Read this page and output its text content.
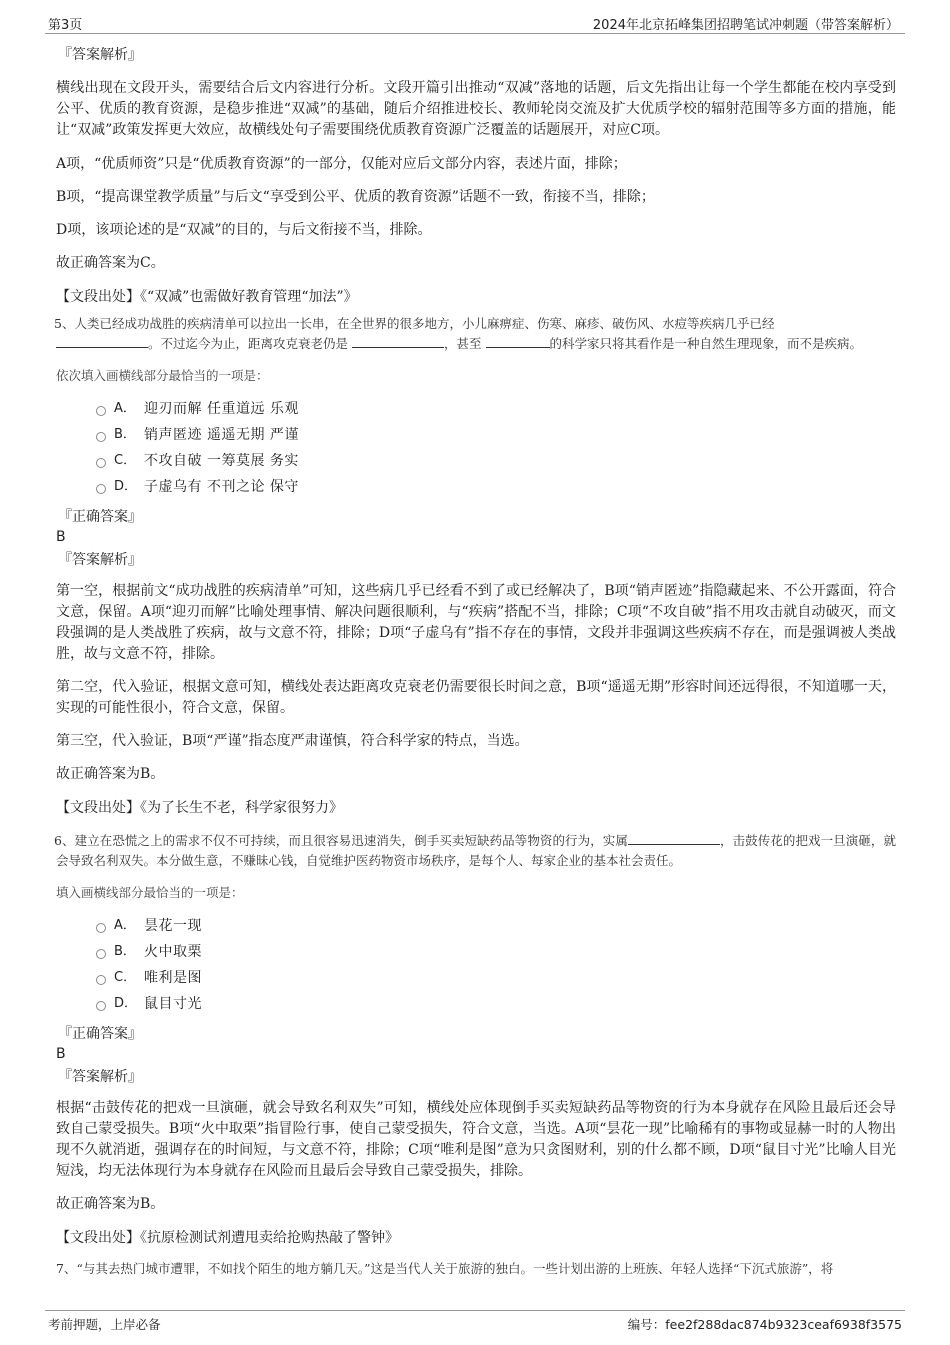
第3页	2024年北京拓峰集团招聘笔试冲刺题（带答案解析）
『答案解析』
横线出现在文段开头，需要结合后文内容进行分析。文段开篇引出推动“双减”落地的话题，后文先指出让每一个学生都能在校内享受到公平、优质的教育资源，是稳步推进“双减”的基础，随后介绍推进校长、教师轮岗交流及扩大优质学校的辐射范围等多方面的措施，能让“双减”政策发挥更大效应，故横线处句子需要围绕优质教育资源广泛覆盖的话题展开，对应C项。
A项，“优质师资”只是“优质教育资源”的一部分，仅能对应后文部分内容，表述片面，排除；
B项，“提高课堂教学质量”与后文“享受到公平、优质的教育资源”话题不一致，衔接不当，排除；
D项，该项论述的是“双减”的目的，与后文衔接不当，排除。
故正确答案为C。
【文段出处】《“双减”也需做好教育管理“加法”》
5、人类已经成功战胜的疾病清单可以拉出一长串，在全世界的很多地方，小儿麻痹症、伤寒、麻疹、破伤风、水痘等疾病几乎已经
。不过迄今为止，距离攻克衰老仍是	，甚至	的科学家只将其看作是一种自然生理现象，而不是疾病。
依次填入画横线部分最恰当的一项是：
A． 迎刃而解 任重道远 乐观
B． 销声匿迹 遥遥无期 严谨
C． 不攻自破 一筹莫展 务实
D． 子虚乌有 不刊之论 保守
『正确答案』
B
『答案解析』
第一空，根据前文“成功战胜的疾病清单”可知，这些病几乎已经看不到了或已经解决了，B项“销声匿迹”指隐藏起来、不公开露面，符合文意，保留。A项“迎刃而解”比喻处理事情、解决问题很顺利，与“疾病”搭配不当，排除；C项“不攻自破”指不用攻击就自动破灭，而文段强调的是人类战胜了疾病，故与文意不符，排除；D项“子虚乌有”指不存在的事情，文段并非强调这些疾病不存在，而是强调被人类战胜，故与文意不符，排除。
第二空，代入验证，根据文意可知，横线处表达距离攻克衰老仍需要很长时间之意，B项“遥遥无期”形容时间还远得很，不知道哪一天，实现的可能性很小，符合文意，保留。
第三空，代入验证，B项“严谨”指态度严肃谨慎，符合科学家的特点，当选。
故正确答案为B。
【文段出处】《为了长生不老，科学家很努力》
6、建立在恐慌之上的需求不仅不可持续，而且很容易迅速消失，倒手买卖短缺药品等物资的行为，实属	，击鼓传花的把戏一旦演砸，就会导致名利双失。本分做生意，不赚昧心钱，自觉维护医药物资市场秩序，是每个人、每家企业的基本社会责任。
填入画横线部分最恰当的一项是：
A． 昙花一现
B． 火中取栗
C． 唯利是图
D． 鼠目寸光
『正确答案』
B
『答案解析』
根据“击鼓传花的把戏一旦演砸，就会导致名利双失”可知，横线处应体现倒手买卖短缺药品等物资的行为本身就存在风险且最后还会导致自己蒙受损失。B项“火中取栗”指冒险行事，使自己蒙受损失，符合文意，当选。A项“昙花一现”比喻稀有的事物或显赫一时的人物出现不久就消逝，强调存在的时间短，与文意不符，排除；C项“唯利是图”意为只贪图财利，别的什么都不顾，D项“鼠目寸光”比喻人目光短浅，均无法体现行为本身就存在风险而且最后会导致自己蒙受损失，排除。
故正确答案为B。
【文段出处】《抗原检测试剂遭甩卖给抢购热敲了警钟》
7、“与其去热门城市遭罪，不如找个陌生的地方躺几天。”这是当代人关于旅游的独白。一些计划出游的上班族、年轻人选择“下沉式旅游”，将
考前押题，上岸必备	编号：fee2f288dac874b9323ceaf6938f3575
